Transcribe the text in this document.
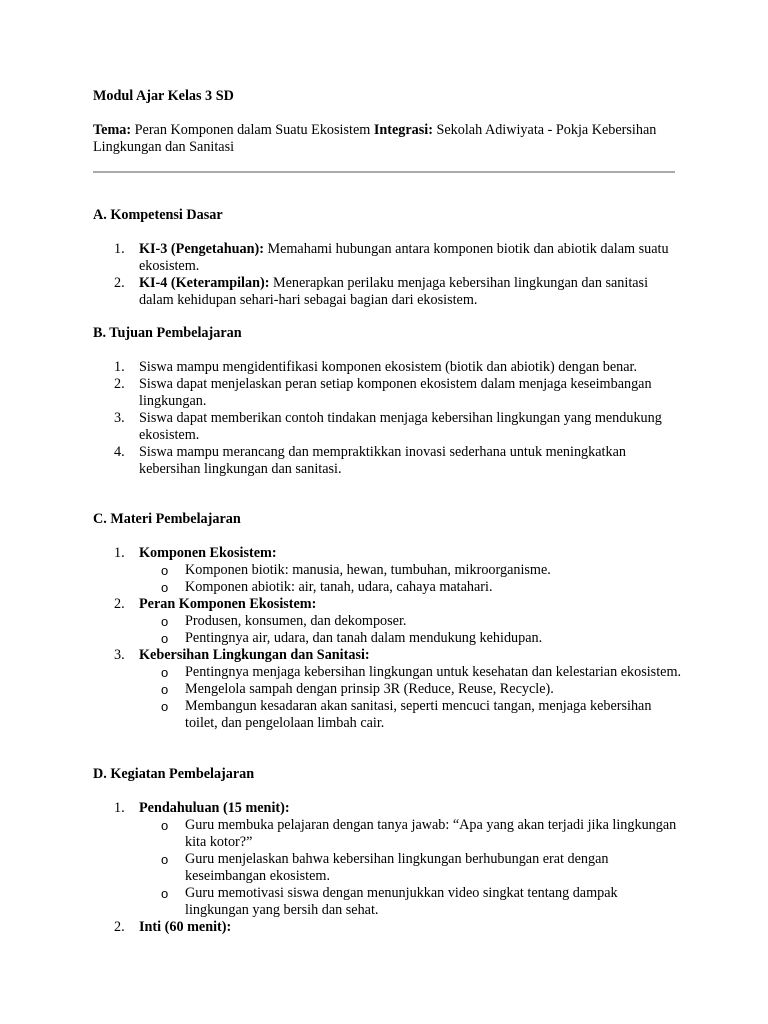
Modul Ajar Kelas 3 SD
Tema: Peran Komponen dalam Suatu Ekosistem Integrasi: Sekolah Adiwiyata - Pokja Kebersihan Lingkungan dan Sanitasi
A. Kompetensi Dasar
1. KI-3 (Pengetahuan): Memahami hubungan antara komponen biotik dan abiotik dalam suatu ekosistem.
2. KI-4 (Keterampilan): Menerapkan perilaku menjaga kebersihan lingkungan dan sanitasi dalam kehidupan sehari-hari sebagai bagian dari ekosistem.
B. Tujuan Pembelajaran
1. Siswa mampu mengidentifikasi komponen ekosistem (biotik dan abiotik) dengan benar.
2. Siswa dapat menjelaskan peran setiap komponen ekosistem dalam menjaga keseimbangan lingkungan.
3. Siswa dapat memberikan contoh tindakan menjaga kebersihan lingkungan yang mendukung ekosistem.
4. Siswa mampu merancang dan mempraktikkan inovasi sederhana untuk meningkatkan kebersihan lingkungan dan sanitasi.
C. Materi Pembelajaran
1. Komponen Ekosistem:
o Komponen biotik: manusia, hewan, tumbuhan, mikroorganisme.
o Komponen abiotik: air, tanah, udara, cahaya matahari.
2. Peran Komponen Ekosistem:
o Produsen, konsumen, dan dekomposer.
o Pentingnya air, udara, dan tanah dalam mendukung kehidupan.
3. Kebersihan Lingkungan dan Sanitasi:
o Pentingnya menjaga kebersihan lingkungan untuk kesehatan dan kelestarian ekosistem.
o Mengelola sampah dengan prinsip 3R (Reduce, Reuse, Recycle).
o Membangun kesadaran akan sanitasi, seperti mencuci tangan, menjaga kebersihan toilet, dan pengelolaan limbah cair.
D. Kegiatan Pembelajaran
1. Pendahuluan (15 menit):
o Guru membuka pelajaran dengan tanya jawab: “Apa yang akan terjadi jika lingkungan kita kotor?”
o Guru menjelaskan bahwa kebersihan lingkungan berhubungan erat dengan keseimbangan ekosistem.
o Guru memotivasi siswa dengan menunjukkan video singkat tentang dampak lingkungan yang bersih dan sehat.
2. Inti (60 menit):
